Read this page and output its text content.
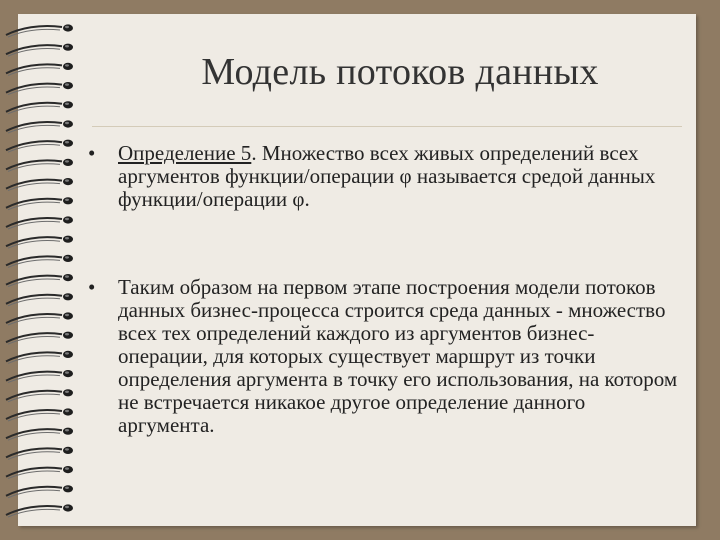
Модель потоков данных
•	Определение 5. Множество всех живых определений всех аргументов функции/операции φ называется средой данных функции/операции φ.
•	Таким образом на первом этапе построения модели потоков данных бизнес-процесса строится среда данных - множество всех тех определений каждого из аргументов бизнес-операции, для которых существует маршрут из точки определения аргумента в точку его использования, на котором не встречается никакое другое определение данного аргумента.
